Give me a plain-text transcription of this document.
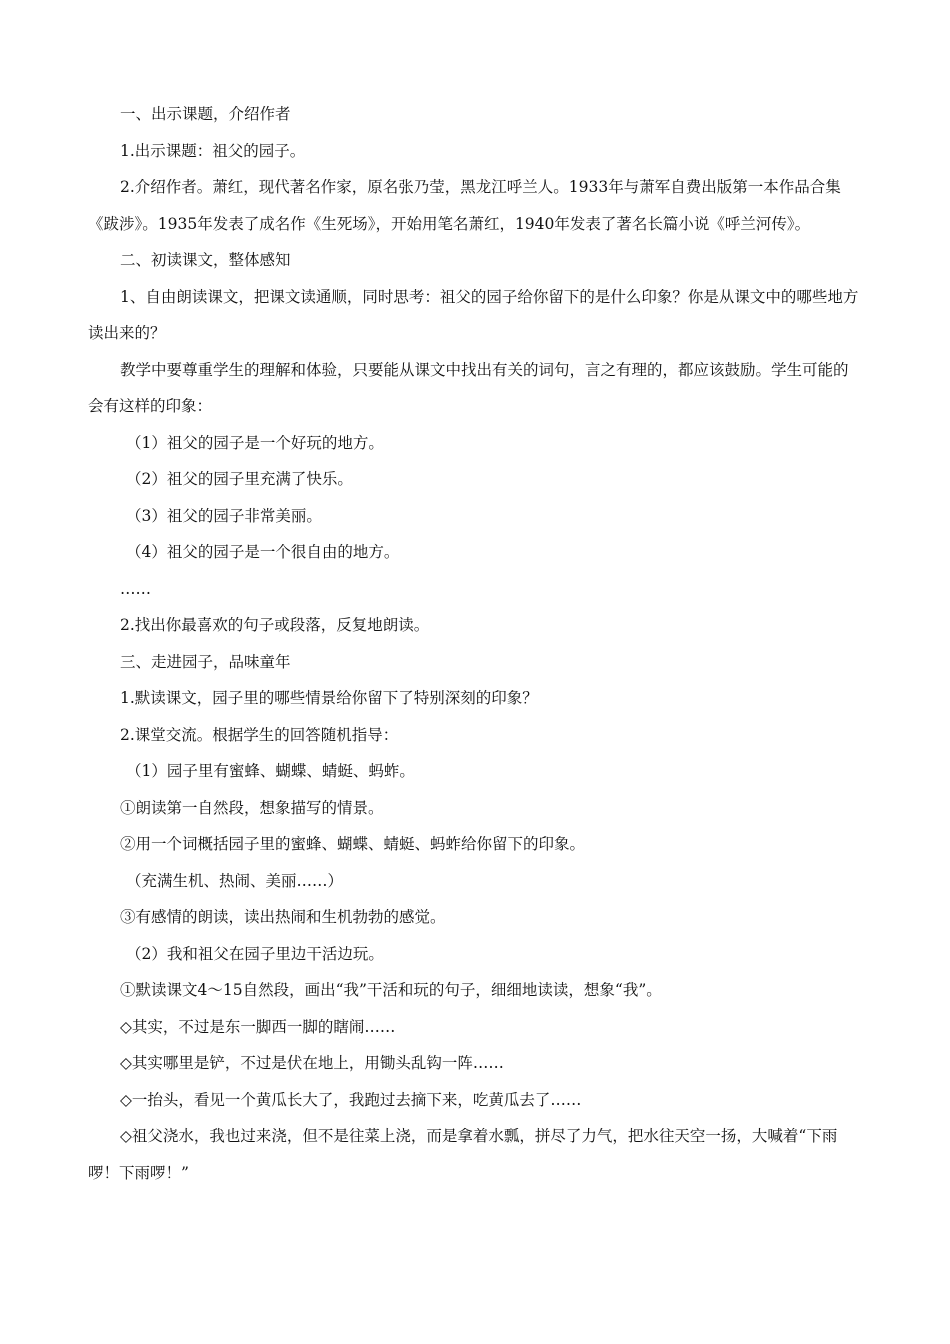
一、出示课题，介绍作者

1.出示课题：祖父的园子。

2.介绍作者。萧红，现代著名作家，原名张乃莹，黑龙江呼兰人。1933年与萧军自费出版第一本作品合集《跋涉》。1935年发表了成名作《生死场》，开始用笔名萧红，1940年发表了著名长篇小说《呼兰河传》。

二、初读课文，整体感知

1、自由朗读课文，把课文读通顺，同时思考：祖父的园子给你留下的是什么印象？你是从课文中的哪些地方读出来的？

教学中要尊重学生的理解和体验，只要能从课文中找出有关的词句，言之有理的，都应该鼓励。学生可能的会有这样的印象：

（1）祖父的园子是一个好玩的地方。

（2）祖父的园子里充满了快乐。

（3）祖父的园子非常美丽。

（4）祖父的园子是一个很自由的地方。

……

2.找出你最喜欢的句子或段落，反复地朗读。

三、走进园子，品味童年

1.默读课文，园子里的哪些情景给你留下了特别深刻的印象？

2.课堂交流。根据学生的回答随机指导：

（1）园子里有蜜蜂、蝴蝶、蜻蜓、蚂蚱。

①朗读第一自然段，想象描写的情景。

②用一个词概括园子里的蜜蜂、蝴蝶、蜻蜓、蚂蚱给你留下的印象。

（充满生机、热闹、美丽……）

③有感情的朗读，读出热闹和生机勃勃的感觉。

（2）我和祖父在园子里边干活边玩。

①默读课文4～15自然段，画出“我”干活和玩的句子，细细地读读，想象“我”。

◇其实，不过是东一脚西一脚的瞎闹……

◇其实哪里是铲，不过是伏在地上，用锄头乱钩一阵……

◇一抬头，看见一个黄瓜长大了，我跑过去摘下来，吃黄瓜去了……

◇祖父浇水，我也过来浇，但不是往菜上浇，而是拿着水瓢，拼尽了力气，把水往天空一扬，大喊着“下雨啰！下雨啰！”
